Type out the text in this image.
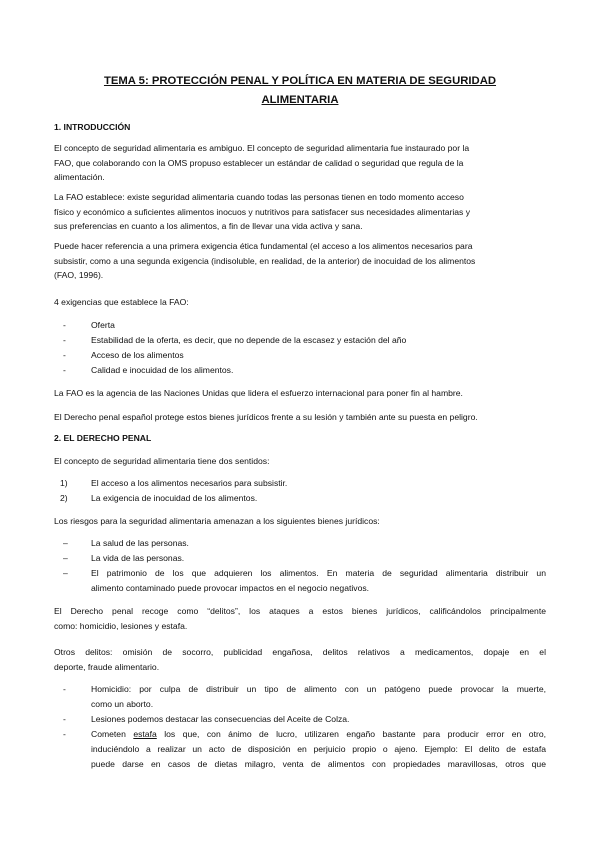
TEMA 5: PROTECCIÓN PENAL Y POLÍTICA EN MATERIA DE SEGURIDAD
ALIMENTARIA
1. INTRODUCCIÓN
El concepto de seguridad alimentaria es ambiguo. El concepto de seguridad alimentaria fue instaurado por la
FAO, que colaborando con la OMS propuso establecer un estándar de calidad o seguridad que regula de la
alimentación.
La FAO establece: existe seguridad alimentaria cuando todas las personas tienen en todo momento acceso
físico y económico a suficientes alimentos inocuos y nutritivos para satisfacer sus necesidades alimentarias y
sus preferencias en cuanto a los alimentos, a fin de llevar una vida activa y sana.
Puede hacer referencia a una primera exigencia ética fundamental (el acceso a los alimentos necesarios para
subsistir, como a una segunda exigencia (indisoluble, en realidad, de la anterior) de inocuidad de los alimentos
(FAO, 1996).
4 exigencias que establece la FAO:
-	Oferta
-	Estabilidad de la oferta, es decir, que no depende de la escasez y estación del año
-	Acceso de los alimentos
-	Calidad e inocuidad de los alimentos.
La FAO es la agencia de las Naciones Unidas que lidera el esfuerzo internacional para poner fin al hambre.
El Derecho penal español protege estos bienes jurídicos frente a su lesión y también ante su puesta en peligro.
2. EL DERECHO PENAL
El concepto de seguridad alimentaria tiene dos sentidos:
1)	El acceso a los alimentos necesarios para subsistir.
2)	La exigencia de inocuidad de los alimentos.
Los riesgos para la seguridad alimentaria amenazan a los siguientes bienes jurídicos:
–	La salud de las personas.
–	La vida de las personas.
–	El patrimonio de los que adquieren los alimentos. En materia de seguridad alimentaria distribuir un
alimento contaminado puede provocar impactos en el negocio negativos.
El Derecho penal recoge como “delitos”, los ataques a estos bienes jurídicos, calificándolos principalmente
como: homicidio, lesiones y estafa.
Otros delitos: omisión de socorro, publicidad engañosa, delitos relativos a medicamentos, dopaje en el
deporte, fraude alimentario.
-	Homicidio: por culpa de distribuir un tipo de alimento con un patógeno puede provocar la muerte,
como un aborto.
-	Lesiones podemos destacar las consecuencias del Aceite de Colza.
-	Cometen estafa los que, con ánimo de lucro, utilizaren engaño bastante para producir error en otro,
induciéndolo a realizar un acto de disposición en perjuicio propio o ajeno. Ejemplo: El delito de estafa
puede darse en casos de dietas milagro, venta de alimentos con propiedades maravillosas, otros que
